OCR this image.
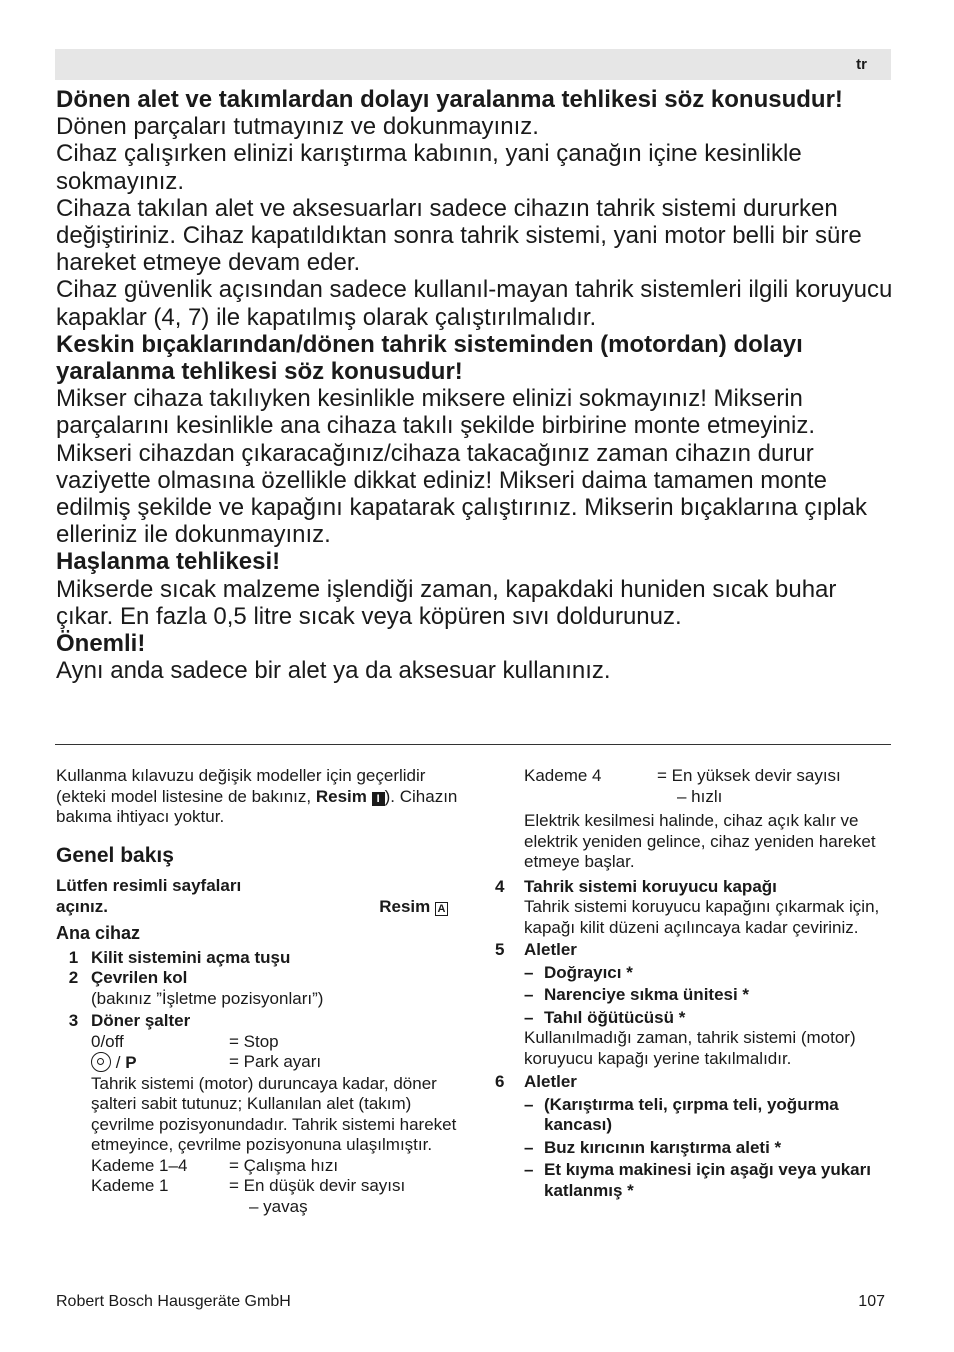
tr

Dönen alet ve takımlardan dolayı yaralanma tehlikesi söz konusudur!

Dönen parçaları tutmayınız ve dokunmayınız.

Cihaz çalışırken elinizi karıştırma kabının, yani çanağın içine kesinlikle sokmayınız.

Cihaza takılan alet ve aksesuarları sadece cihazın tahrik sistemi dururken değiştiriniz. Cihaz kapatıldıktan sonra tahrik sistemi, yani motor belli bir süre hareket etmeye devam eder.

Cihaz güvenlik açısından sadece kullanıl-mayan tahrik sistemleri ilgili koruyucu kapaklar (4, 7) ile kapatılmış olarak çalıştırılmalıdır.

Keskin bıçaklarından/dönen tahrik sisteminden (motordan) dolayı yaralanma tehlikesi söz konusudur!

Mikser cihaza takılıyken kesinlikle miksere elinizi sokmayınız! Mikserin parçalarını kesinlikle ana cihaza takılı şekilde birbirine monte etmeyiniz.

Mikseri cihazdan çıkaracağınız/cihaza takacağınız zaman cihazın durur vaziyette olmasına özellikle dikkat ediniz! Mikseri daima tamamen monte edilmiş şekilde ve kapağını kapatarak çalıştırınız. Mikserin bıçaklarına çıplak elleriniz ile dokunmayınız.

Haşlanma tehlikesi!

Mikserde sıcak malzeme işlendiği zaman, kapakdaki huniden sıcak buhar çıkar. En fazla 0,5 litre sıcak veya köpüren sıvı doldurunuz.

Önemli!

Aynı anda sadece bir alet ya da aksesuar kullanınız.

Kullanma kılavuzu değişik modeller için geçerlidir (ekteki model listesine de bakınız, Resim I ). Cihazın bakıma ihtiyacı yoktur.

Genel bakış

Lütfen resimli sayfaları
açınız.	Resim A

Ana cihaz

1 Kilit sistemini açma tuşu
2 Çevrilen kol
(bakınız ”İşletme pozisyonları”)
3 Döner şalter
0/off	= Stop
/ P	= Park ayarı
Tahrik sistemi (motor) duruncaya kadar, döner şalteri sabit tutunuz; Kullanılan alet (takım) çevrilme pozisyonundadır. Tahrik sistemi hareket etmeyince, çevrilme pozisyonuna ulaşılmıştır.
Kademe 1–4	= Çalışma hızı
Kademe 1	= En düşük devir sayısı
– yavaş
Kademe 4	= En yüksek devir sayısı
– hızlı
Elektrik kesilmesi halinde, cihaz açık kalır ve elektrik yeniden gelince, cihaz yeniden hareket etmeye başlar.
4	Tahrik sistemi koruyucu kapağı
Tahrik sistemi koruyucu kapağını çıkarmak için, kapağı kilit düzeni açılıncaya kadar çeviriniz.
5	Aletler
– Doğrayıcı *
– Narenciye sıkma ünitesi *
– Tahıl öğütücüsü *
Kullanılmadığı zaman, tahrik sistemi (motor) koruyucu kapağı yerine takılmalıdır.
6	Aletler
– (Karıştırma teli, çırpma teli, yoğurma kancası)
– Buz kırıcının karıştırma aleti *
– Et kıyma makinesi için aşağı veya yukarı katlanmış *
Robert Bosch Hausgeräte GmbH	107
